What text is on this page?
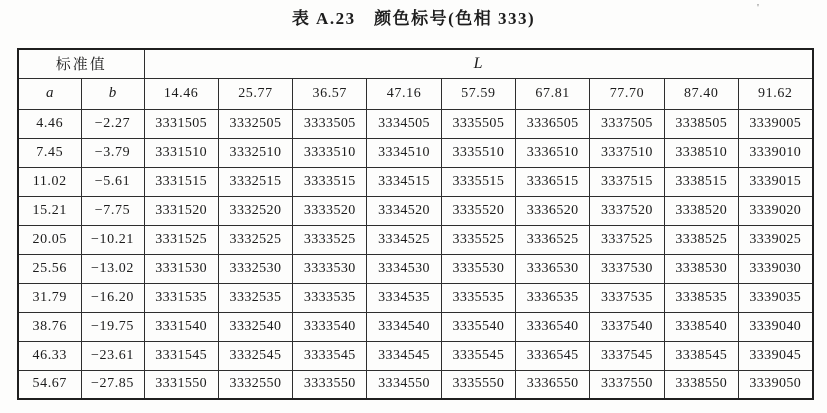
表 A.23　颜色标号(色相 333)
'
标准值		L								
a	b	14.46	25.77	36.57	47.16	57.59	67.81	77.70	87.40	91.62
4.46	−2.27	3331505	3332505	3333505	3334505	3335505	3336505	3337505	3338505	3339005
7.45	−3.79	3331510	3332510	3333510	3334510	3335510	3336510	3337510	3338510	3339010
11.02	−5.61	3331515	3332515	3333515	3334515	3335515	3336515	3337515	3338515	3339015
15.21	−7.75	3331520	3332520	3333520	3334520	3335520	3336520	3337520	3338520	3339020
20.05	−10.21	3331525	3332525	3333525	3334525	3335525	3336525	3337525	3338525	3339025
25.56	−13.02	3331530	3332530	3333530	3334530	3335530	3336530	3337530	3338530	3339030
31.79	−16.20	3331535	3332535	3333535	3334535	3335535	3336535	3337535	3338535	3339035
38.76	−19.75	3331540	3332540	3333540	3334540	3335540	3336540	3337540	3338540	3339040
46.33	−23.61	3331545	3332545	3333545	3334545	3335545	3336545	3337545	3338545	3339045
54.67	−27.85	3331550	3332550	3333550	3334550	3335550	3336550	3337550	3338550	3339050
